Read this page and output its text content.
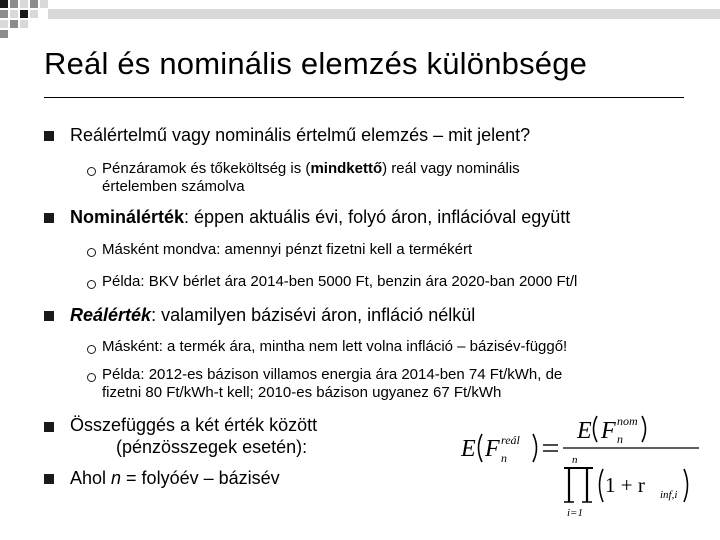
Reál és nominális elemzés különbsége
Reálértelmű vagy nominális értelmű elemzés – mit jelent?
Pénzáramok és tőkeköltség is (mindkettő) reál vagy nominális
értelemben számolva
Nominálérték: éppen aktuális évi, folyó áron, inflációval együtt
Másként mondva: amennyi pénzt fizetni kell a termékért
Példa: BKV bérlet ára 2014-ben 5000 Ft, benzin ára 2020-ban 2000 Ft/l
Reálérték: valamilyen bázisévi áron, infláció nélkül
Másként: a termék ára, mintha nem lett volna infláció – bázisév-függő!
Példa: 2012-es bázison villamos energia ára 2014-ben 74 Ft/kWh, de
fizetni 80 Ft/kWh-t kell; 2010-es bázison ugyanez 67 Ft/kWh
Összefüggés a két érték között
(pénzösszegek esetén):
Ahol n = folyóév – bázisév
E F reál
n
E F nom
n
n
i=1
1 + r inf,i
